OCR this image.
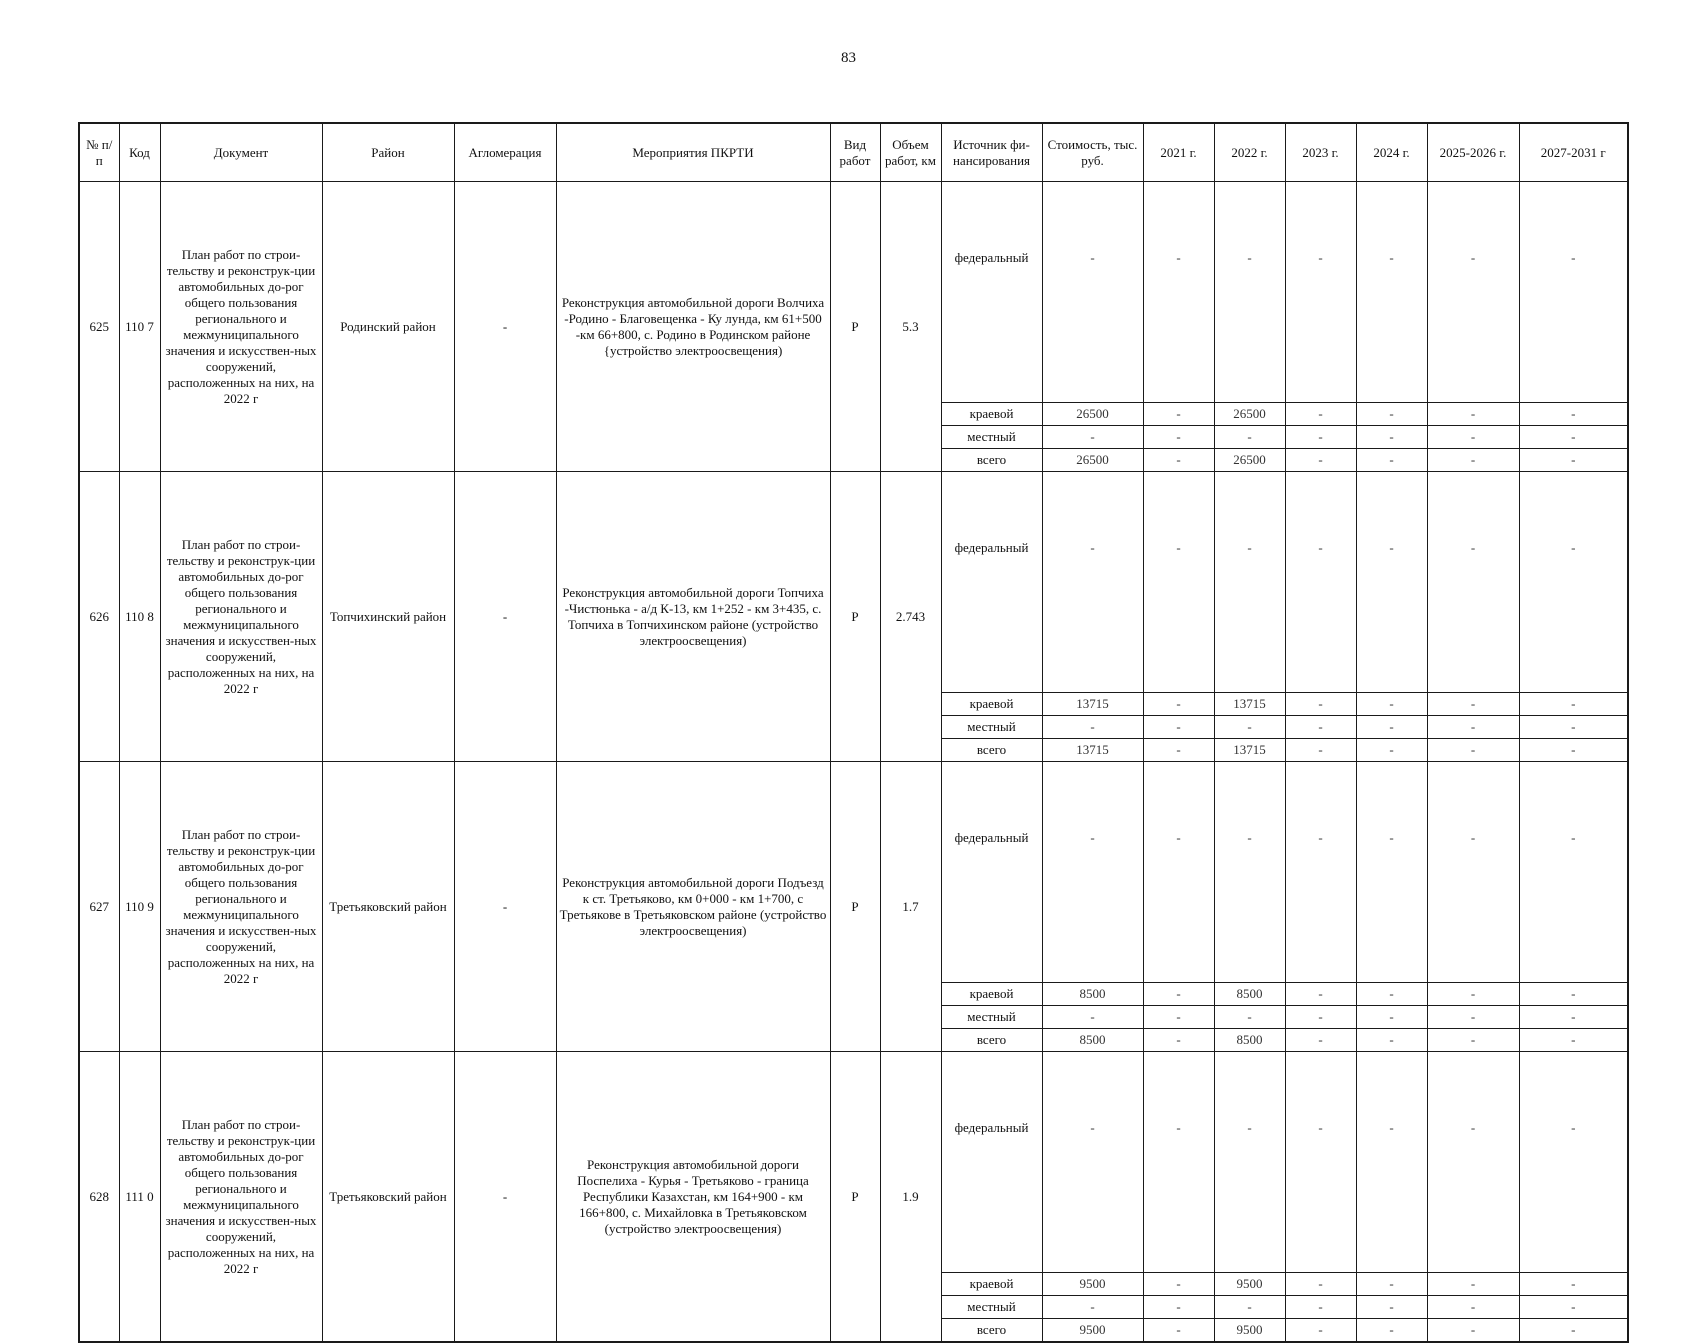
83
№ п/п	Код	Документ	Район	Агломерация	Мероприятия ПКРТИ	Вид работ	Объем работ, км	Источник фи-нансирования	Стоимость, тыс. руб.	2021 г.	2022 г.	2023 г.	2024 г.	2025-2026 г.	2027-2031 г
625	110 7	План работ по строи-тельству и реконструк-ции автомобильных до-рог общего пользования регионального и межмуниципального значения и искусствен-ных сооружений, расположенных на них, на 2022 г	Родинский район	-	Реконструкция автомобильной дороги Волчиха -Родино - Благовещенка - Ку лунда, км 61+500 -км 66+800, с. Родино в Родинском районе {устройство электроосвещения)	Р	5.3	федеральный	-	-	-	-	-	-	-
								краевой	26500	-	26500	-	-	-	-
								местный	-	-	-	-	-	-	-
								всего	26500	-	26500	-	-	-	-
626	110 8	План работ по строи-тельству и реконструк-ции автомобильных до-рог общего пользования регионального и межмуниципального значения и искусствен-ных сооружений, расположенных на них, на 2022 г	Топчихинский район	-	Реконструкция автомобильной дороги Топчиха -Чистюнька - а/д К-13, км 1+252 - км 3+435, с. Топчиха в Топчихинском районе (устройство электроосвещения)	Р	2.743	федеральный	-	-	-	-	-	-	-
								краевой	13715	-	13715	-	-	-	-
								местный	-	-	-	-	-	-	-
								всего	13715	-	13715	-	-	-	-
627	110 9	План работ по строи-тельству и реконструк-ции автомобильных до-рог общего пользования регионального и межмуниципального значения и искусствен-ных сооружений, расположенных на них, на 2022 г	Третьяковский район	-	Реконструкция автомобильной дороги Подъезд к ст. Третьяково, км 0+000 - км 1+700, с Третьякове в Третьяковском районе (устройство электроосвещения)	Р	1.7	федеральный	-	-	-	-	-	-	-
								краевой	8500	-	8500	-	-	-	-
								местный	-	-	-	-	-	-	-
								всего	8500	-	8500	-	-	-	-
628	111 0	План работ по строи-тельству и реконструк-ции автомобильных до-рог общего пользования регионального и межмуниципального значения и искусствен-ных сооружений, расположенных на них, на 2022 г	Третьяковский район	-	Реконструкция автомобильной дороги Поспелиха - Курья - Третьяково - граница Республики Казахстан, км 164+900 - км 166+800, с. Михайловка в Третьяковском (устройство электроосвещения)	Р	1.9	федеральный	-	-	-	-	-	-	-
								краевой	9500	-	9500	-	-	-	-
								местный	-	-	-	-	-	-	-
								всего	9500	-	9500	-	-	-	-
